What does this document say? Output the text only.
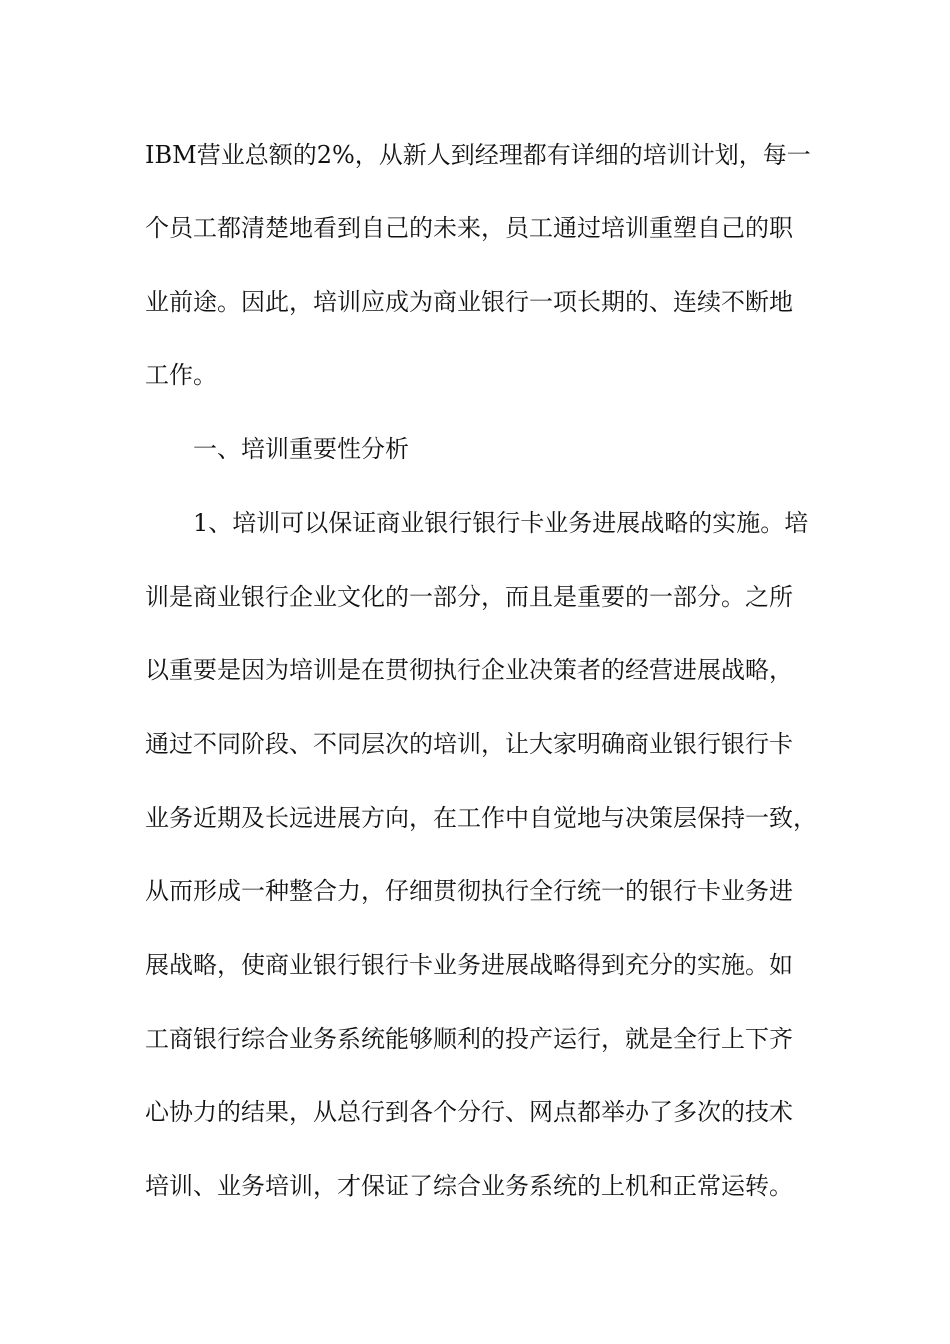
IBM营业总额的2%，从新人到经理都有详细的培训计划，每一
个员工都清楚地看到自己的未来，员工通过培训重塑自己的职
业前途。因此，培训应成为商业银行一项长期的、连续不断地
工作。
一、培训重要性分析
1、培训可以保证商业银行银行卡业务进展战略的实施。培
训是商业银行企业文化的一部分，而且是重要的一部分。之所
以重要是因为培训是在贯彻执行企业决策者的经营进展战略，
通过不同阶段、不同层次的培训，让大家明确商业银行银行卡
业务近期及长远进展方向，在工作中自觉地与决策层保持一致，
从而形成一种整合力，仔细贯彻执行全行统一的银行卡业务进
展战略，使商业银行银行卡业务进展战略得到充分的实施。如
工商银行综合业务系统能够顺利的投产运行，就是全行上下齐
心协力的结果，从总行到各个分行、网点都举办了多次的技术
培训、业务培训，才保证了综合业务系统的上机和正常运转。
